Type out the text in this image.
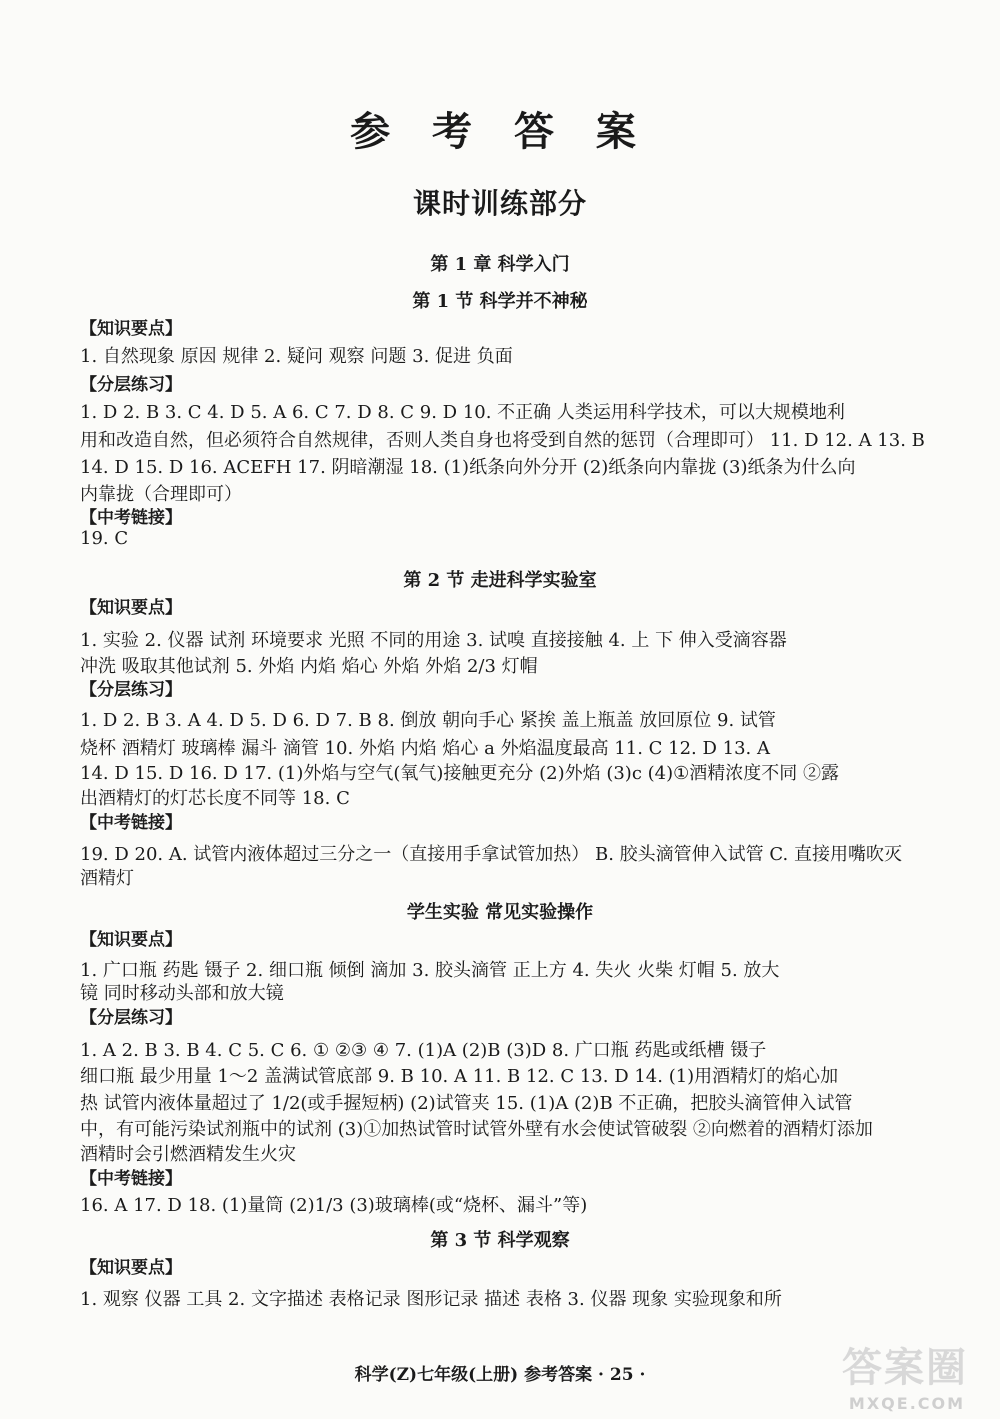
参 考 答 案
课时训练部分
第 1 章 科学入门
第 1 节 科学并不神秘
【知识要点】
1. 自然现象 原因 规律 2. 疑问 观察 问题 3. 促进 负面
【分层练习】
1. D 2. B 3. C 4. D 5. A 6. C 7. D 8. C 9. D 10. 不正确 人类运用科学技术，可以大规模地利
用和改造自然，但必须符合自然规律，否则人类自身也将受到自然的惩罚（合理即可） 11. D 12. A 13. B
14. D 15. D 16. ACEFH 17. 阴暗潮湿 18. (1)纸条向外分开 (2)纸条向内靠拢 (3)纸条为什么向
内靠拢（合理即可）
【中考链接】
19. C
第 2 节 走进科学实验室
【知识要点】
1. 实验 2. 仪器 试剂 环境要求 光照 不同的用途 3. 试嗅 直接接触 4. 上 下 伸入受滴容器
冲洗 吸取其他试剂 5. 外焰 内焰 焰心 外焰 外焰 2/3 灯帽
【分层练习】
1. D 2. B 3. A 4. D 5. D 6. D 7. B 8. 倒放 朝向手心 紧挨 盖上瓶盖 放回原位 9. 试管
烧杯 酒精灯 玻璃棒 漏斗 滴管 10. 外焰 内焰 焰心 a 外焰温度最高 11. C 12. D 13. A
14. D 15. D 16. D 17. (1)外焰与空气(氧气)接触更充分 (2)外焰 (3)c (4)①酒精浓度不同 ②露
出酒精灯的灯芯长度不同等 18. C
【中考链接】
19. D 20. A. 试管内液体超过三分之一（直接用手拿试管加热） B. 胶头滴管伸入试管 C. 直接用嘴吹灭
酒精灯
学生实验 常见实验操作
【知识要点】
1. 广口瓶 药匙 镊子 2. 细口瓶 倾倒 滴加 3. 胶头滴管 正上方 4. 失火 火柴 灯帽 5. 放大
镜 同时移动头部和放大镜
【分层练习】
1. A 2. B 3. B 4. C 5. C 6. ① ②③ ④ 7. (1)A (2)B (3)D 8. 广口瓶 药匙或纸槽 镊子
细口瓶 最少用量 1～2 盖满试管底部 9. B 10. A 11. B 12. C 13. D 14. (1)用酒精灯的焰心加
热 试管内液体量超过了 1/2(或手握短柄) (2)试管夹 15. (1)A (2)B 不正确，把胶头滴管伸入试管
中，有可能污染试剂瓶中的试剂 (3)①加热试管时试管外壁有水会使试管破裂 ②向燃着的酒精灯添加
酒精时会引燃酒精发生火灾
【中考链接】
16. A 17. D 18. (1)量筒 (2)1/3 (3)玻璃棒(或“烧杯、漏斗”等)
第 3 节 科学观察
【知识要点】
1. 观察 仪器 工具 2. 文字描述 表格记录 图形记录 描述 表格 3. 仪器 现象 实验现象和所
科学(Z)七年级(上册) 参考答案 · 25 ·	答案圈
MXQE.COM
